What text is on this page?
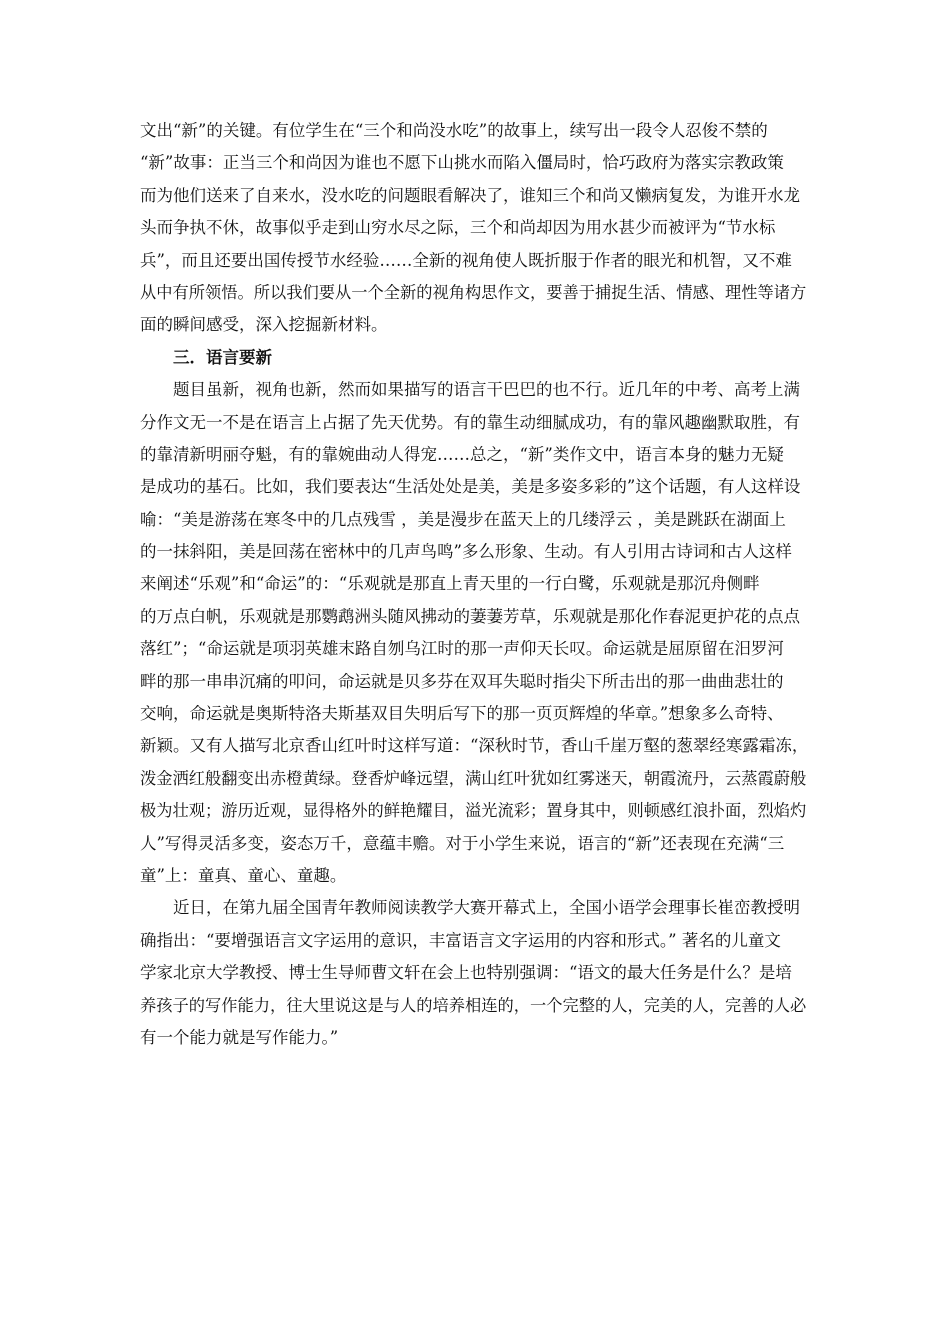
文出“新”的关键。有位学生在“三个和尚没水吃”的故事上，续写出一段令人忍俊不禁的
“新”故事：正当三个和尚因为谁也不愿下山挑水而陷入僵局时，恰巧政府为落实宗教政策
而为他们送来了自来水，没水吃的问题眼看解决了，谁知三个和尚又懒病复发，为谁开水龙
头而争执不休，故事似乎走到山穷水尽之际，三个和尚却因为用水甚少而被评为“节水标
兵”，而且还要出国传授节水经验……全新的视角使人既折服于作者的眼光和机智，又不难
从中有所领悟。所以我们要从一个全新的视角构思作文，要善于捕捉生活、情感、理性等诸方
面的瞬间感受，深入挖掘新材料。
三．语言要新
题目虽新，视角也新，然而如果描写的语言干巴巴的也不行。近几年的中考、高考上满
分作文无一不是在语言上占据了先天优势。有的靠生动细腻成功，有的靠风趣幽默取胜，有
的靠清新明丽夺魁，有的靠婉曲动人得宠……总之，“新”类作文中，语言本身的魅力无疑
是成功的基石。比如，我们要表达“生活处处是美，美是多姿多彩的”这个话题，有人这样设
喻：“美是游荡在寒冬中的几点残雪 ，美是漫步在蓝天上的几缕浮云 ，美是跳跃在湖面上
的一抹斜阳，美是回荡在密林中的几声鸟鸣”多么形象、生动。有人引用古诗词和古人这样
来阐述“乐观”和“命运”的：“乐观就是那直上青天里的一行白鹭，乐观就是那沉舟侧畔
的万点白帆，乐观就是那鹦鹉洲头随风拂动的萋萋芳草，乐观就是那化作春泥更护花的点点
落红”；“命运就是项羽英雄末路自刎乌江时的那一声仰天长叹。命运就是屈原留在汨罗河
畔的那一串串沉痛的叩问，命运就是贝多芬在双耳失聪时指尖下所击出的那一曲曲悲壮的
交响，命运就是奥斯特洛夫斯基双目失明后写下的那一页页辉煌的华章。”想象多么奇特、
新颖。又有人描写北京香山红叶时这样写道：“深秋时节，香山千崖万壑的葱翠经寒露霜冻，
泼金洒红般翻变出赤橙黄绿。登香炉峰远望，满山红叶犹如红雾迷天，朝霞流丹，云蒸霞蔚般
极为壮观；游历近观，显得格外的鲜艳耀目，溢光流彩；置身其中，则顿感红浪扑面，烈焰灼
人”写得灵活多变，姿态万千，意蕴丰赡。对于小学生来说，语言的“新”还表现在充满“三
童”上：童真、童心、童趣。
近日，在第九届全国青年教师阅读教学大赛开幕式上，全国小语学会理事长崔峦教授明
确指出：“要增强语言文字运用的意识，丰富语言文字运用的内容和形式。” 著名的儿童文
学家北京大学教授、博士生导师曹文轩在会上也特别强调：“语文的最大任务是什么？是培
养孩子的写作能力，往大里说这是与人的培养相连的，一个完整的人，完美的人，完善的人必
有一个能力就是写作能力。”
